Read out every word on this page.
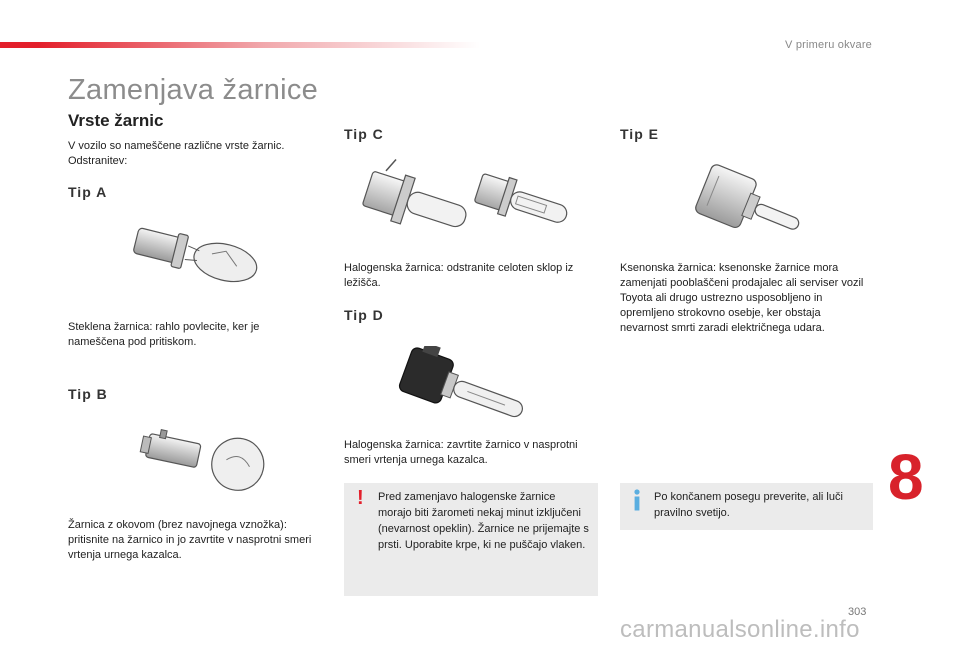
V primeru okvare
Zamenjava žarnice
Vrste žarnic
V vozilo so nameščene različne vrste žarnic. Odstranitev:
Tip A
Steklena žarnica: rahlo povlecite, ker je nameščena pod pritiskom.
Tip B
Žarnica z okovom (brez navojnega vznožka): pritisnite na žarnico in jo zavrtite v nasprotni smeri vrtenja urnega kazalca.
Tip C
Halogenska žarnica: odstranite celoten sklop iz ležišča.
Tip D
Halogenska žarnica: zavrtite žarnico v nasprotni smeri vrtenja urnega kazalca.
! Pred zamenjavo halogenske žarnice morajo biti žarometi nekaj minut izključeni (nevarnost opeklin). Žarnice ne prijemajte s prsti. Uporabite krpe, ki ne puščajo vlaken.
Tip E
Ksenonska žarnica: ksenonske žarnice mora zamenjati pooblaščeni prodajalec ali serviser vozil Toyota ali drugo ustrezno usposobljeno in opremljeno strokovno osebje, ker obstaja nevarnost smrti zaradi električnega udara.
Po končanem posegu preverite, ali luči pravilno svetijo.	8
303
carmanualsonline.info
